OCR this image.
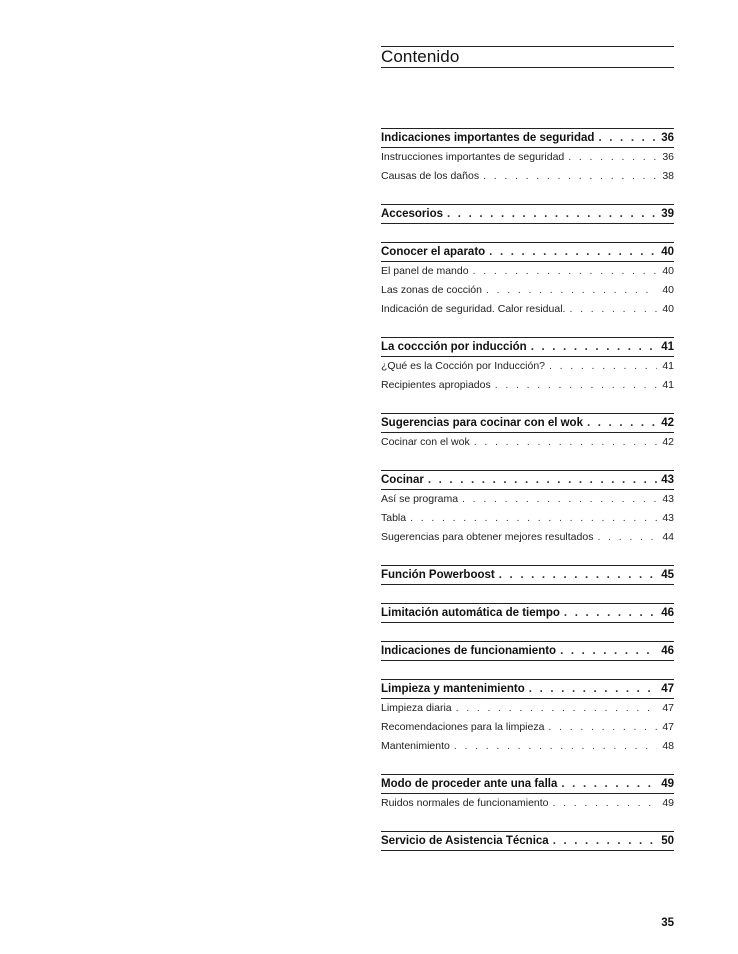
Contenido
Indicaciones importantes de seguridad . . .	36
Instrucciones importantes de seguridad . . .	36
Causas de los daños . . .	38
Accesorios . . .	39
Conocer el aparato . . .	40
El panel de mando . . .	40
Las zonas de cocción . . .	40
Indicación de seguridad. Calor residual. . . .	40
La coccción por inducción . . .	41
¿Qué es la Cocción por Inducción? . . .	41
Recipientes apropiados . . .	41
Sugerencias para cocinar con el wok . . .	42
Cocinar con el wok . . .	42
Cocinar . . .	43
Así se programa . . .	43
Tabla . . .	43
Sugerencias para obtener mejores resultados . . .	44
Función Powerboost . . .	45
Limitación automática de tiempo . . .	46
Indicaciones de funcionamiento . . .	46
Limpieza y mantenimiento . . .	47
Limpieza diaria . . .	47
Recomendaciones para la limpieza . . .	47
Mantenimiento . . .	48
Modo de proceder ante una falla . . .	49
Ruidos normales de funcionamiento . . .	49
Servicio de Asistencia Técnica . . .	50
35
